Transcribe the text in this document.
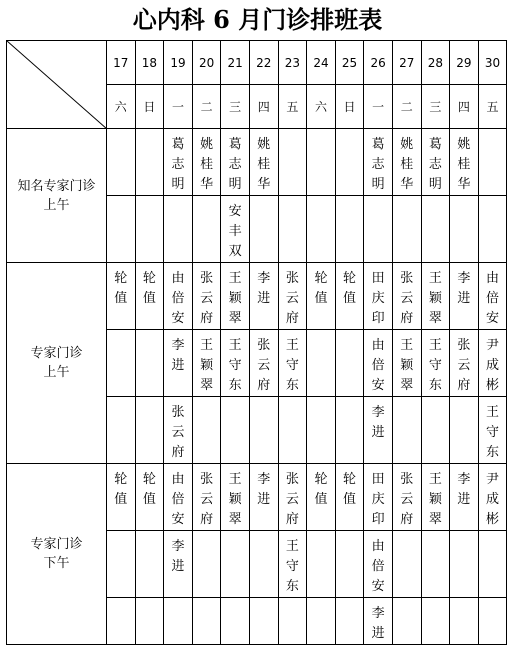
心内科 6 月门诊排班表
	17	18	19	20	21	22	23	24	25	26	27	28	29	30
	六	日	一	二	三	四	五	六	日	一	二	三	四	五

知名专家门诊
上午			葛志明	姚桂华	葛志明	姚桂华				葛志明	姚桂华	葛志明	姚桂华	
					安丰双									

专家门诊
上午	轮值	轮值	由倍安	张云府	王颖翠	李进	张云府	轮值	轮值	田庆印	张云府	王颖翠	李进	由倍安
			李进	王颖翠	王守东	张云府	王守东			由倍安	王颖翠	王守东	张云府	尹成彬
			张云府							李进				王守东

专家门诊
下午	轮值	轮值	由倍安	张云府	王颖翠	李进	张云府	轮值	轮值	田庆印	张云府	王颖翠	李进	尹成彬
			李进				王守东			由倍安				
										李进				
